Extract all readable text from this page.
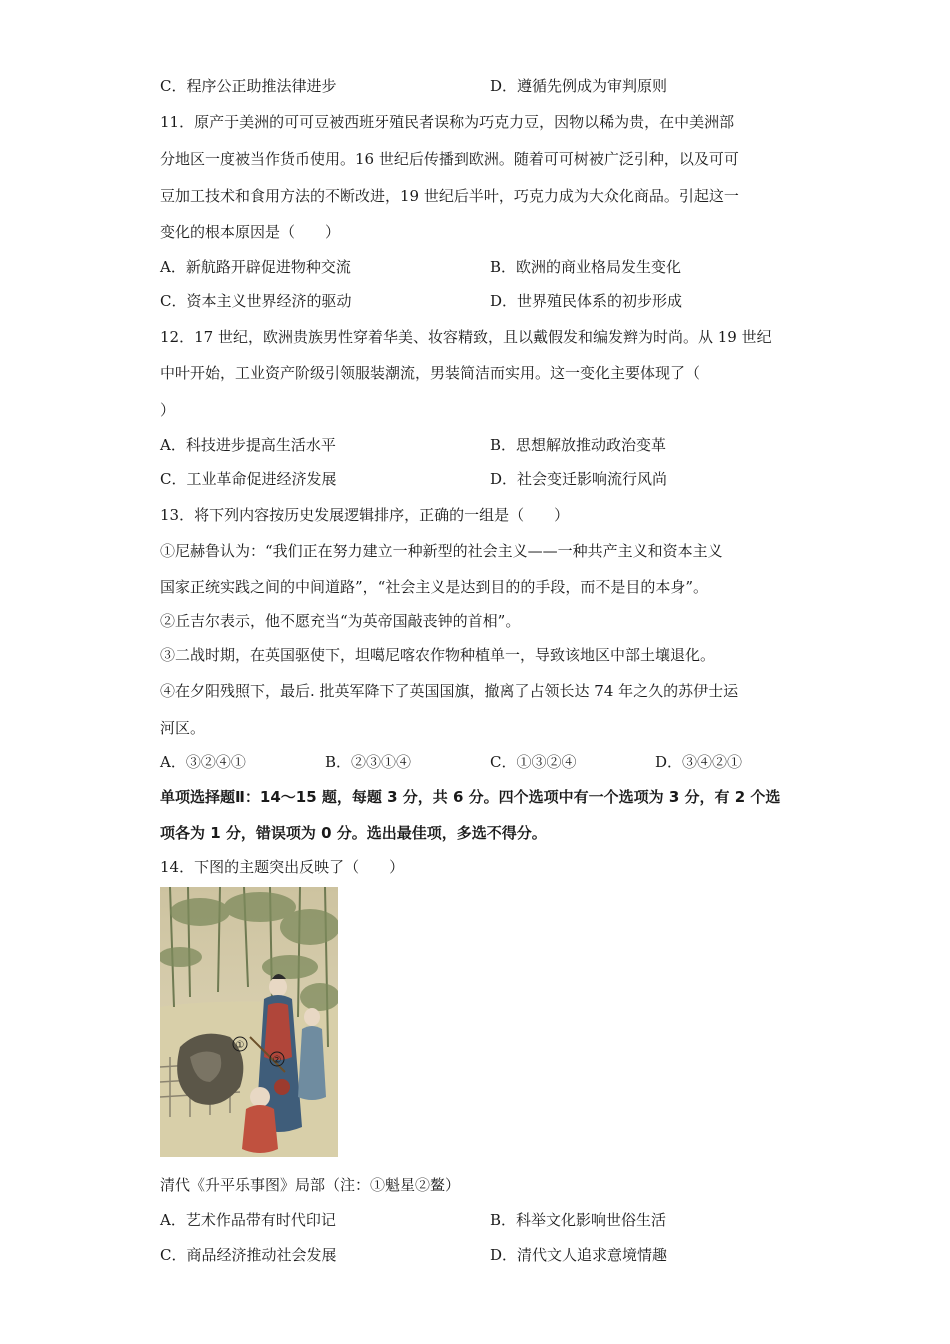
C．程序公正助推法律进步	D．遵循先例成为审判原则
11．原产于美洲的可可豆被西班牙殖民者误称为巧克力豆，因物以稀为贵，在中美洲部
分地区一度被当作货币使用。16 世纪后传播到欧洲。随着可可树被广泛引种，以及可可
豆加工技术和食用方法的不断改进，19 世纪后半叶，巧克力成为大众化商品。引起这一
变化的根本原因是（　　）
A．新航路开辟促进物种交流	B．欧洲的商业格局发生变化
C．资本主义世界经济的驱动	D．世界殖民体系的初步形成
12．17 世纪，欧洲贵族男性穿着华美、妆容精致，且以戴假发和编发辫为时尚。从 19 世纪
中叶开始，工业资产阶级引领服装潮流，男装简洁而实用。这一变化主要体现了（
）
A．科技进步提高生活水平	B．思想解放推动政治变革
C．工业革命促进经济发展	D．社会变迁影响流行风尚
13．将下列内容按历史发展逻辑排序，正确的一组是（　　）
①尼赫鲁认为：“我们正在努力建立一种新型的社会主义——一种共产主义和资本主义
国家正统实践之间的中间道路”，“社会主义是达到目的的手段，而不是目的本身”。
②丘吉尔表示，他不愿充当“为英帝国敲丧钟的首相”。
③二战时期，在英国驱使下，坦噶尼喀农作物种植单一，导致该地区中部土壤退化。
④在夕阳残照下，最后. 批英军降下了英国国旗，撤离了占领长达 74 年之久的苏伊士运
河区。
A．③②④①	B．②③①④	C．①③②④	D．③④②①
单项选择题Ⅱ：14～15 题，每题 3 分，共 6 分。四个选项中有一个选项为 3 分，有 2 个选
项各为 1 分，错误项为 0 分。选出最佳项，多选不得分。
14．下图的主题突出反映了（　　）
①
②
清代《升平乐事图》局部（注：①魁星②鳌）
A．艺术作品带有时代印记	B．科举文化影响世俗生活
C．商品经济推动社会发展	D．清代文人追求意境情趣
